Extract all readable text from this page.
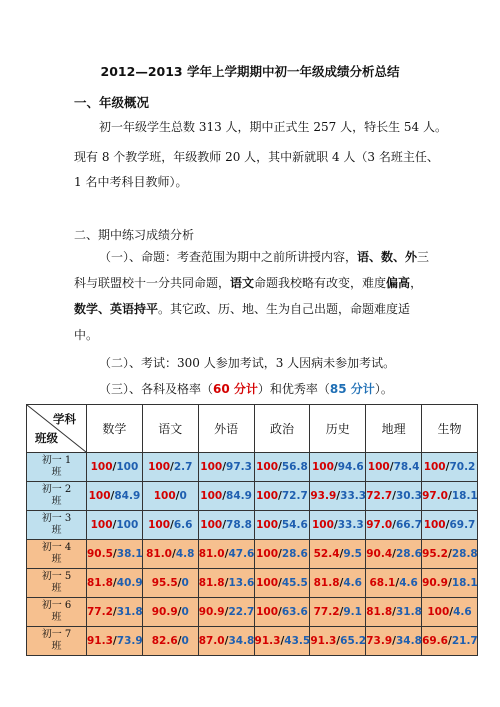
2012—2013 学年上学期期中初一年级成绩分析总结
一、年级概况
初一年级学生总数 313 人，期中正式生 257 人，特长生 54 人。
现有 8 个教学班，年级教师 20 人，其中新就职 4 人（3 名班主任、
1 名中考科目教师）。
二、期中练习成绩分析
（一）、命题：考查范围为期中之前所讲授内容，语、数、外三
科与联盟校十一分共同命题，语文命题我校略有改变，难度偏高，
数学、英语持平。其它政、历、地、生为自己出题，命题难度适
中。
（二）、考试：300 人参加考试，3 人因病未参加考试。
（三）、各科及格率（60 分计）和优秀率（85 分计）。
学科
班级	数学	语文	外语	政治	历史	地理	生物

初一 1
班	100/100	100/2.7	100/97.3	100/56.8	100/94.6	100/78.4	100/70.2

初一 2
班	100/84.9	100/0	100/84.9	100/72.7	93.9/33.3	72.7/30.3	97.0/18.1

初一 3
班	100/100	100/6.6	100/78.8	100/54.6	100/33.3	97.0/66.7	100/69.7

初一 4
班	90.5/38.1	81.0/4.8	81.0/47.6	100/28.6	52.4/9.5	90.4/28.6	95.2/28.8

初一 5
班	81.8/40.9	95.5/0	81.8/13.6	100/45.5	81.8/4.6	68.1/4.6	90.9/18.1

初一 6
班	77.2/31.8	90.9/0	90.9/22.7	100/63.6	77.2/9.1	81.8/31.8	100/4.6

初一 7
班	91.3/73.9	82.6/0	87.0/34.8	91.3/43.5	91.3/65.2	73.9/34.8	69.6/21.7
